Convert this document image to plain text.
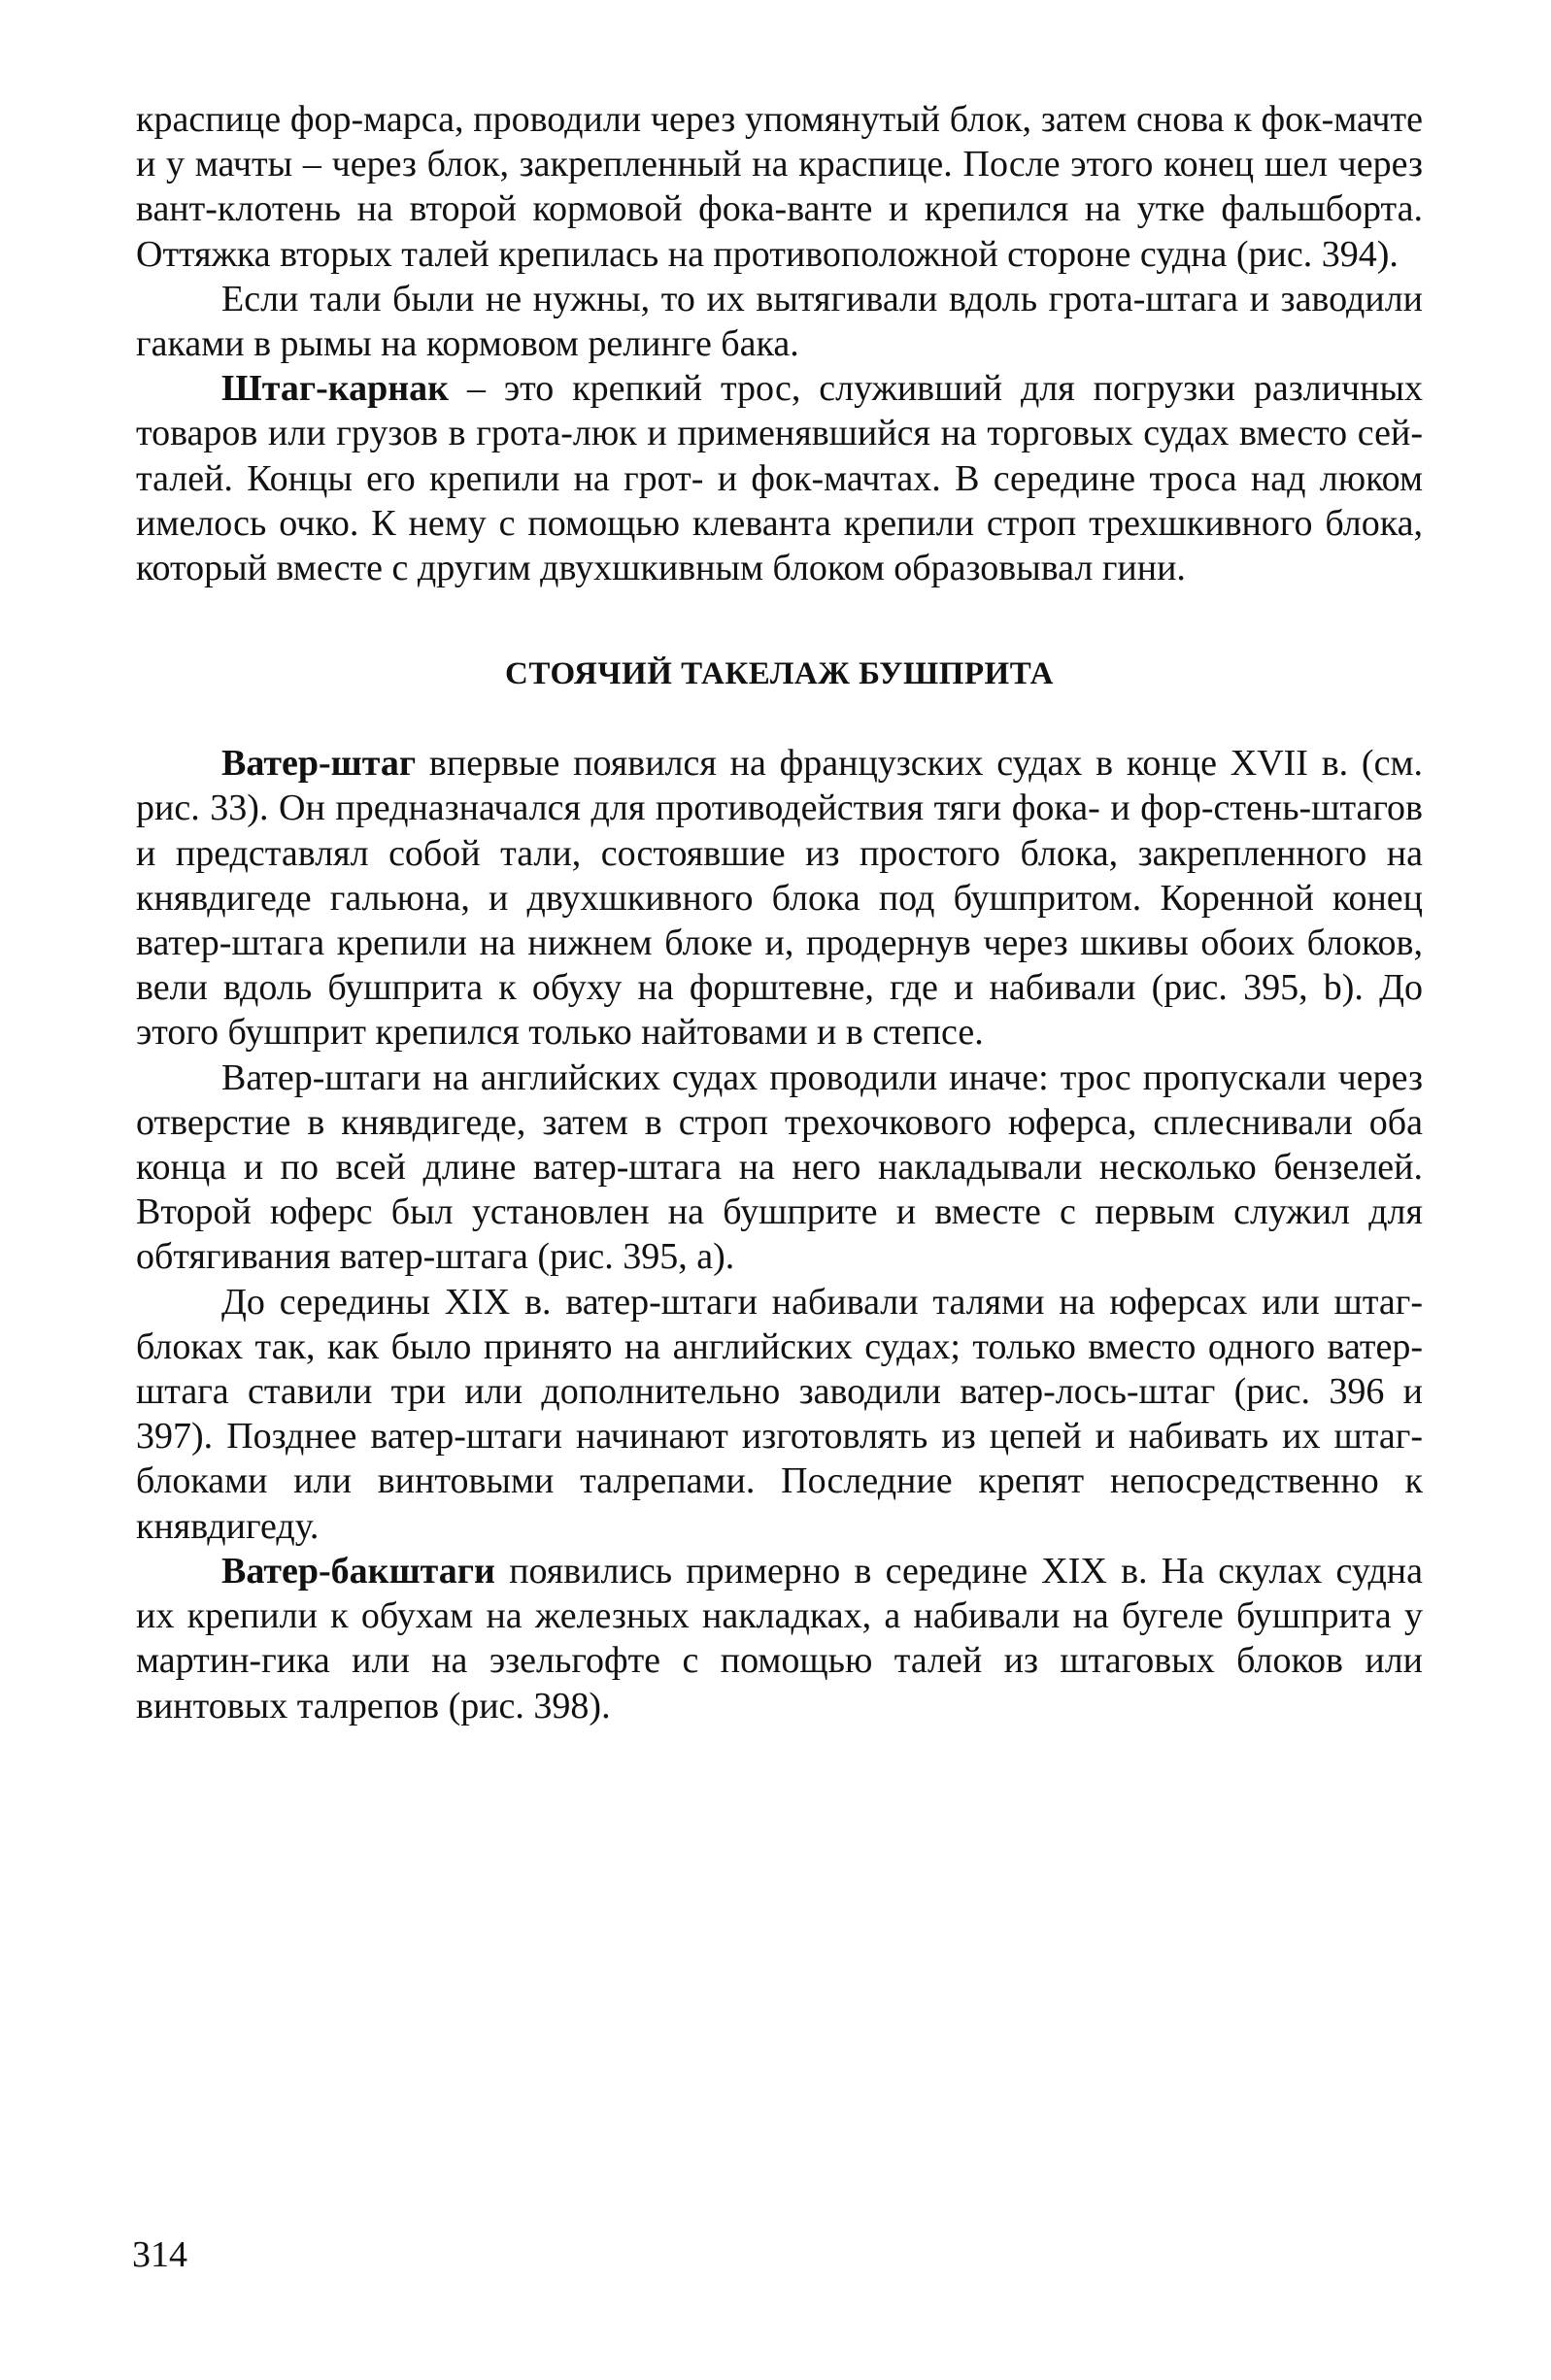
краспице фор-марса, проводили через упомянутый блок, затем снова к фок-мачте и у мачты – через блок, закрепленный на краспице. После этого конец шел через вант-клотень на второй кормовой фока-ванте и крепился на утке фальшборта. Оттяжка вторых талей крепилась на противоположной стороне судна (рис. 394).

Если тали были не нужны, то их вытягивали вдоль грота-штага и заводили гаками в рымы на кормовом релинге бака.

Штаг-карнак – это крепкий трос, служивший для погрузки различных товаров или грузов в грота-люк и применявшийся на торговых судах вместо сей-талей. Концы его крепили на грот- и фок-мачтах. В середине троса над люком имелось очко. К нему с помощью клеванта крепили строп трехшкивного блока, который вместе с другим двухшкивным блоком образовывал гини.

СТОЯЧИЙ ТАКЕЛАЖ БУШПРИТА

Ватер-штаг впервые появился на французских судах в конце XVII в. (см. рис. 33). Он предназначался для противодействия тяги фока- и фор-стень-штагов и представлял собой тали, состоявшие из простого блока, закрепленного на княвдигеде гальюна, и двухшкивного блока под бушпритом. Коренной конец ватер-штага крепили на нижнем блоке и, продернув через шкивы обоих блоков, вели вдоль бушприта к обуху на форштевне, где и набивали (рис. 395, b). До этого бушприт крепился только найтовами и в степсе.

Ватер-штаги на английских судах проводили иначе: трос пропускали через отверстие в княвдигеде, затем в строп трехочкового юферса, сплеснивали оба конца и по всей длине ватер-штага на него накладывали несколько бензелей. Второй юферс был установлен на бушприте и вместе с первым служил для обтягивания ватер-штага (рис. 395, а).

До середины XIX в. ватер-штаги набивали талями на юферсах или штаг-блоках так, как было принято на английских судах; только вместо одного ватер-штага ставили три или дополнительно заводили ватер-лось-штаг (рис. 396 и 397). Позднее ватер-штаги начинают изготовлять из цепей и набивать их штаг-блоками или винтовыми талрепами. Последние крепят непосредственно к княвдигеду.

Ватер-бакштаги появились примерно в середине XIX в. На скулах судна их крепили к обухам на железных накладках, а набивали на бугеле бушприта у мартин-гика или на эзельгофте с помощью талей из штаговых блоков или винтовых талрепов (рис. 398).

314
